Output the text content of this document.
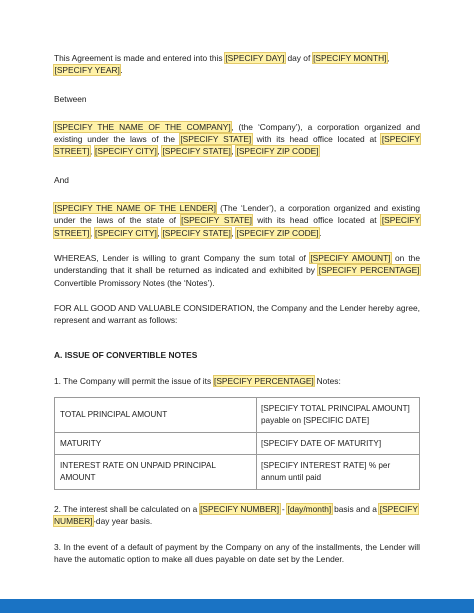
This Agreement is made and entered into this [SPECIFY DAY] day of [SPECIFY MONTH], [SPECIFY YEAR].

Between

[SPECIFY THE NAME OF THE COMPANY], (the ‘Company’), a corporation organized and existing under the laws of the [SPECIFY STATE] with its head office located at [SPECIFY STREET], [SPECIFY CITY], [SPECIFY STATE], [SPECIFY ZIP CODE]

And

[SPECIFY THE NAME OF THE LENDER] (The ‘Lender’), a corporation organized and existing under the laws of the state of [SPECIFY STATE] with its head office located at [SPECIFY STREET], [SPECIFY CITY], [SPECIFY STATE], [SPECIFY ZIP CODE].

WHEREAS, Lender is willing to grant Company the sum total of [SPECIFY AMOUNT] on the understanding that it shall be returned as indicated and exhibited by [SPECIFY PERCENTAGE] Convertible Promissory Notes (the ‘Notes’).

FOR ALL GOOD AND VALUABLE CONSIDERATION, the Company and the Lender hereby agree, represent and warrant as follows:

A. ISSUE OF CONVERTIBLE NOTES

1. The Company will permit the issue of its [SPECIFY PERCENTAGE] Notes:

TOTAL PRINCIPAL AMOUNT	[SPECIFY TOTAL PRINCIPAL AMOUNT] payable on [SPECIFIC DATE]
MATURITY	[SPECIFY DATE OF MATURITY]
INTEREST RATE ON UNPAID PRINCIPAL AMOUNT	[SPECIFY INTEREST RATE] % per annum until paid

2. The interest shall be calculated on a [SPECIFY NUMBER] - [day/month] basis and a [SPECIFY NUMBER]-day year basis.

3. In the event of a default of payment by the Company on any of the installments, the Lender will have the automatic option to make all dues payable on date set by the Lender.
